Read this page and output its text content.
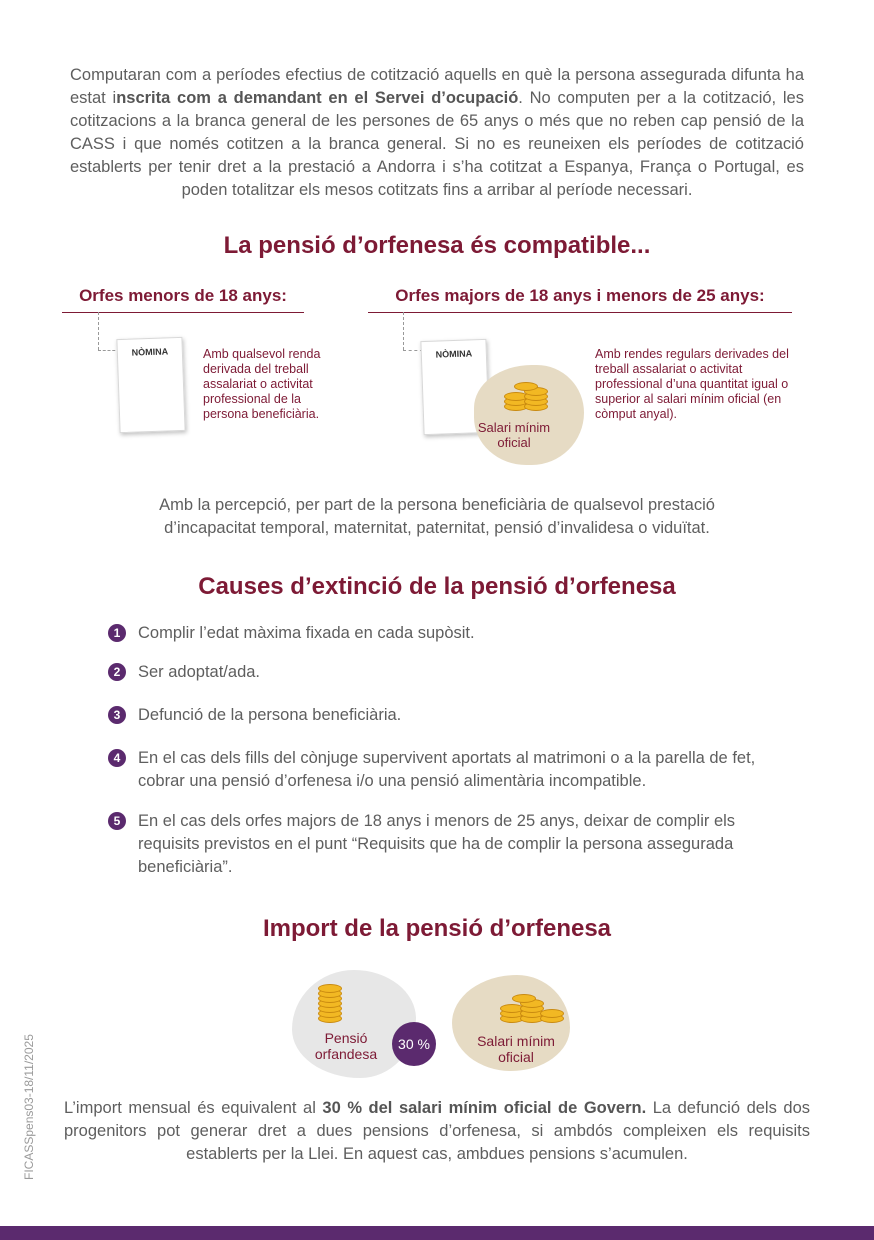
Computaran com a períodes efectius de cotització aquells en què la persona assegurada difunta ha estat inscrita com a demandant en el Servei d’ocupació. No computen per a la cotització, les cotitzacions a la branca general de les persones de 65 anys o més que no reben cap pensió de la CASS i que només cotitzen a la branca general. Si no es reuneixen els períodes de cotització establerts per tenir dret a la prestació a Andorra i s’ha cotitzat a Espanya, França o Portugal, es poden totalitzar els mesos cotitzats fins a arribar al període necessari.
La pensió d’orfenesa és compatible...
Orfes menors de 18 anys:	Orfes majors de 18 anys i menors de 25 anys:
NÒMINA	Amb qualsevol renda derivada del treball assalariat o activitat professional de la persona beneficiària.
NÒMINA
Salari mínim oficial
Amb rendes regulars derivades del treball assalariat o activitat professional d’una quantitat igual o superior al salari mínim oficial (en còmput anyal).
Amb la percepció, per part de la persona beneficiària de qualsevol prestació d’incapacitat temporal, maternitat, paternitat, pensió d’invalidesa o viduïtat.
Causes d’extinció de la pensió d’orfenesa
1	Complir l’edat màxima fixada en cada supòsit.
2	Ser adoptat/ada.
3	Defunció de la persona beneficiària.
4	En el cas dels fills del cònjuge supervivent aportats al matrimoni o a la parella de fet, cobrar una pensió d’orfenesa i/o una pensió alimentària incompatible.
5	En el cas dels orfes majors de 18 anys i menors de 25 anys, deixar de complir els requisits previstos en el punt “Requisits que ha de complir la persona assegurada beneficiària”.
Import de la pensió d’orfenesa
Pensió orfandesa
30 %	Salari mínim oficial
L’import mensual és equivalent al 30 % del salari mínim oficial de Govern. La defunció dels dos progenitors pot generar dret a dues pensions d’orfenesa, si ambdós compleixen els requisits establerts per la Llei. En aquest cas, ambdues pensions s’acumulen.
FICASSpens03-18/11/2025
